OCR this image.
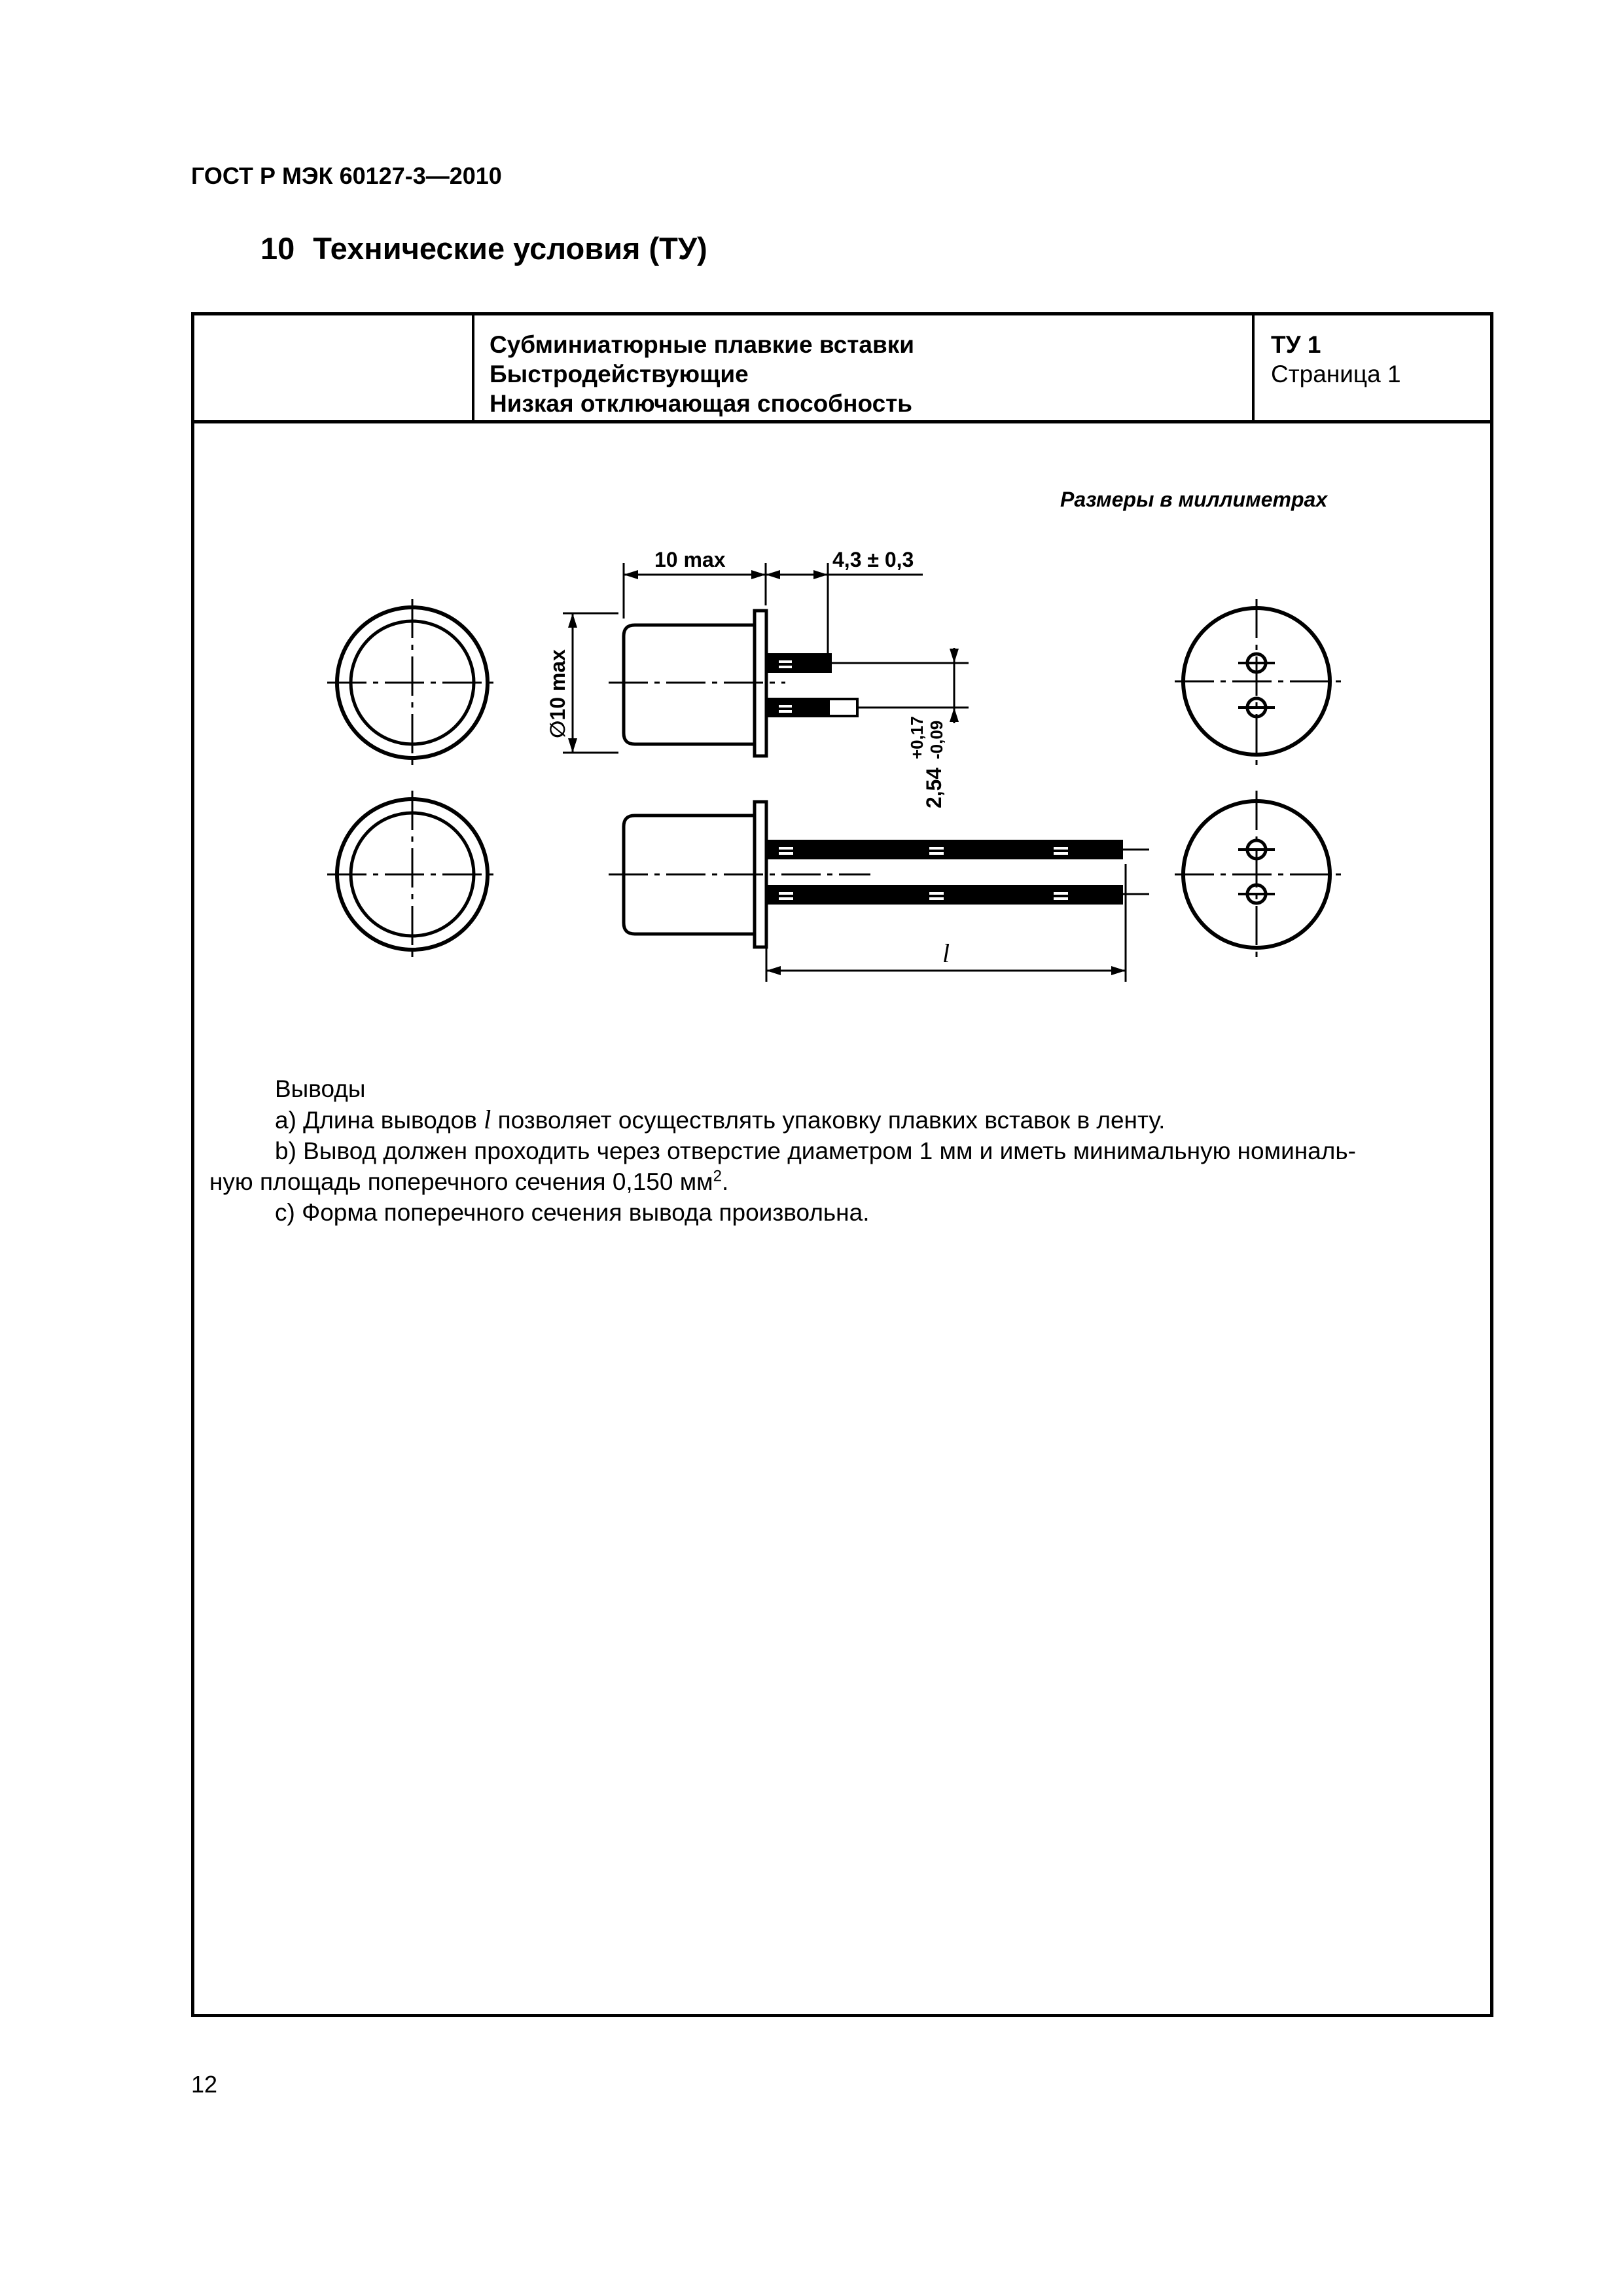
ГОСТ Р МЭК 60127-3—2010
10 Технические условия (ТУ)
Субминиатюрные плавкие вставки
Быстродействующие
Низкая отключающая способность
ТУ 1
Страница 1
Размеры в миллиметрах
10 max	4,3 ± 0,3
∅10 max
2,54
+0,17 -0,09
l
Выводы
a) Длина выводов l позволяет осуществлять упаковку плавких вставок в ленту.
b) Вывод должен проходить через отверстие диаметром 1 мм и иметь минимальную номиналь-
ную площадь поперечного сечения 0,150 $мм^2$.
c) Форма поперечного сечения вывода произвольна.
12
